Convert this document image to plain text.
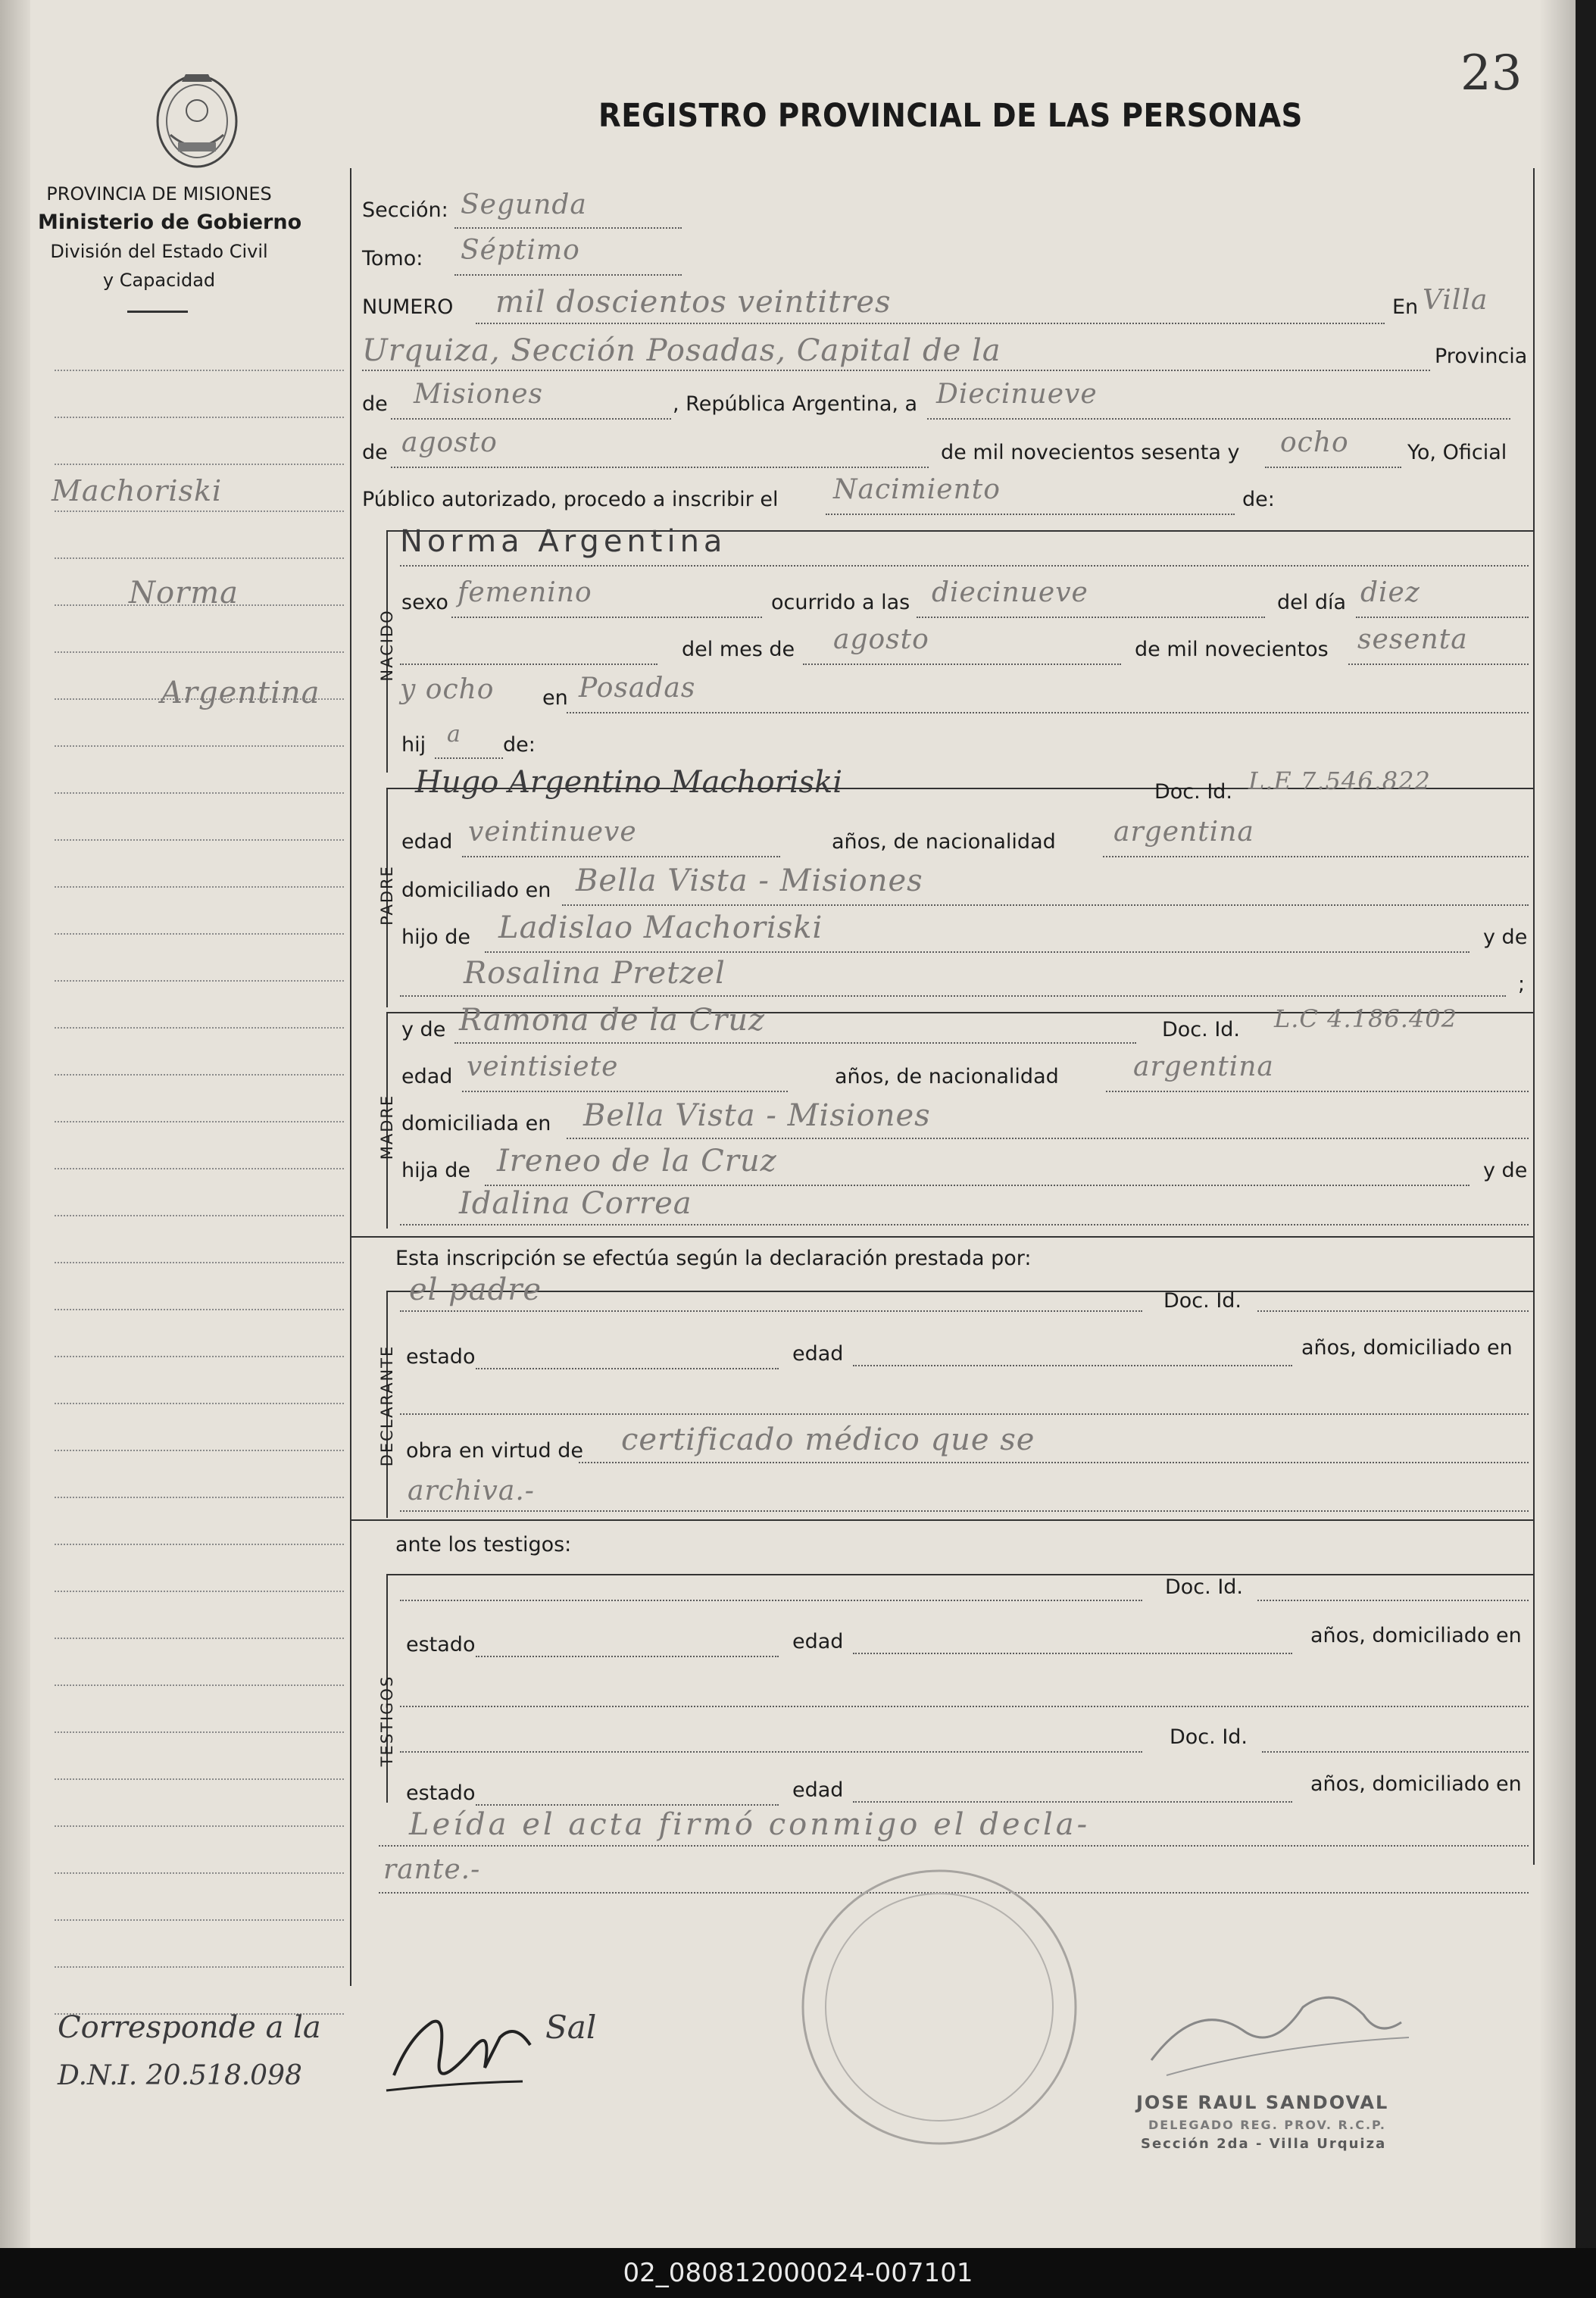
23
PROVINCIA DE MISIONES
Ministerio de Gobierno
División del Estado Civil
y Capacidad
REGISTRO PROVINCIAL DE LAS PERSONAS
Machoriski
Norma
Argentina
Sección: Segunda
Tomo: Séptimo
NUMERO mil doscientos veintitres	En Villa
Urquiza, Sección Posadas, Capital de la	Provincia
de Misiones	, República Argentina, a Diecinueve
de agosto	de mil novecientos sesenta y ocho	Yo, Oficial
Público autorizado, procedo a inscribir el Nacimiento	de:
NACIDO
Norma Argentina
sexo femenino	ocurrido a las diecinueve	del día diez
del mes de agosto	de mil novecientos sesenta
y ocho en Posadas
hij a de:
PADRE
Hugo Argentino Machoriski	Doc. Id. L.E 7.546.822
edad veintinueve	años, de nacionalidad argentina
domiciliado en Bella Vista - Misiones
hijo de Ladislao Machoriski	y de
Rosalina Pretzel	;
MADRE
y de Ramona de la Cruz	Doc. Id. L.C 4.186.402
edad veintisiete	años, de nacionalidad	argentina
domiciliada en Bella Vista - Misiones
hija de Ireneo de la Cruz	y de
Idalina Correa
Esta inscripción se efectúa según la declaración prestada por:
DECLARANTE
el padre	Doc. Id.
estado	edad	años, domiciliado en
obra en virtud de certificado médico que se
archiva.-
ante los testigos:
TESTIGOS
Doc. Id.
estado	edad	años, domiciliado en
Doc. Id.
estado	edad	años, domiciliado en
Leída el acta firmó conmigo el decla-
rante.-
Corresponde a la
D.N.I. 20.518.098
Sal
JOSE RAUL SANDOVAL
DELEGADO REG. PROV. R.C.P.
Sección 2da - Villa Urquiza
02_080812000024-007101
